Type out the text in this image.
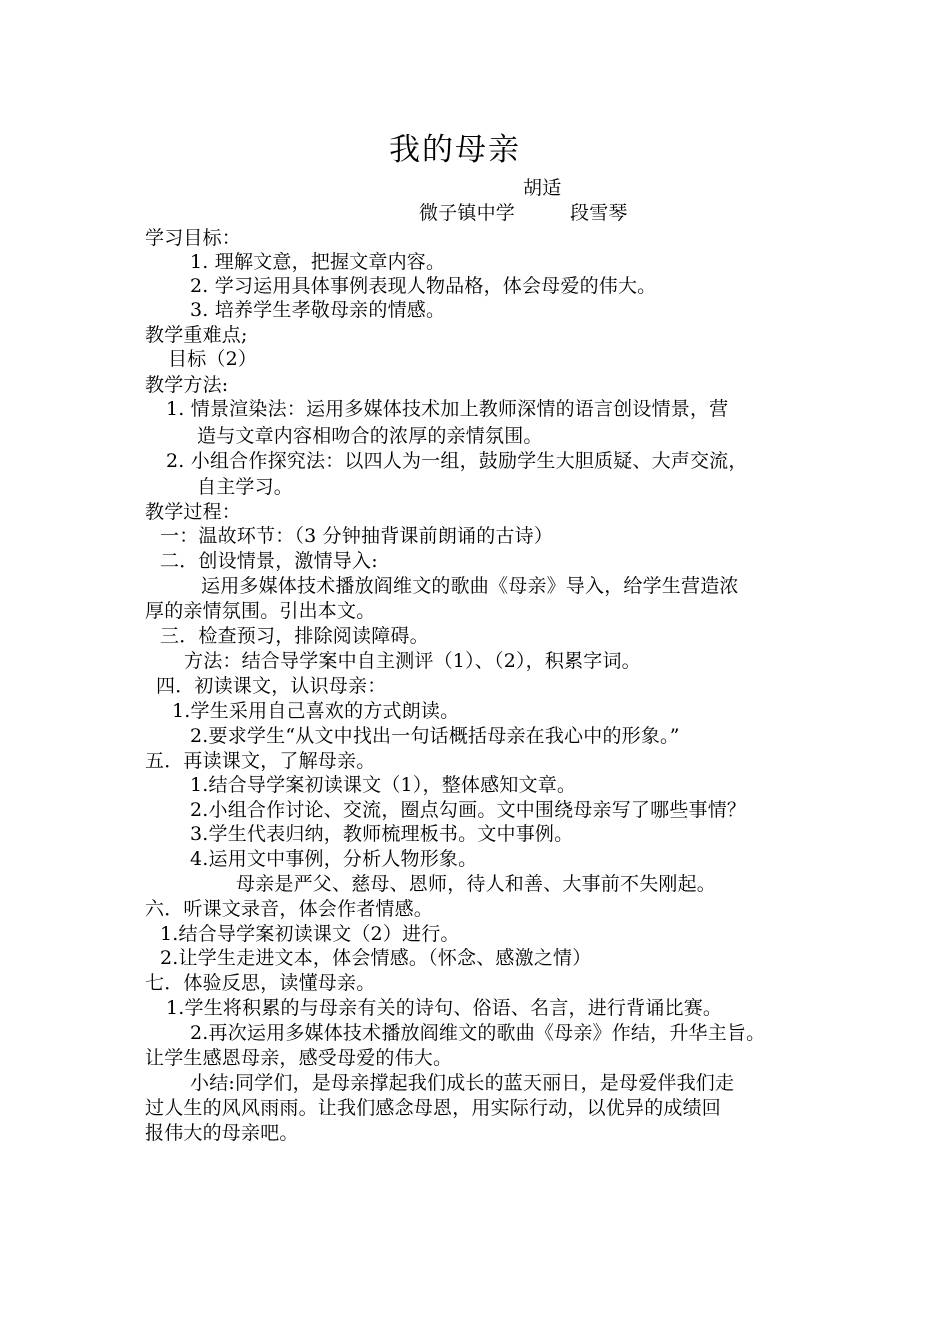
我的母亲
胡适
微子镇中学	段雪琴
学习目标：
1. 理解文意，把握文章内容。
2. 学习运用具体事例表现人物品格，体会母爱的伟大。
3. 培养学生孝敬母亲的情感。
教学重难点;
目标（2）
教学方法:
1. 情景渲染法：运用多媒体技术加上教师深情的语言创设情景，营
造与文章内容相吻合的浓厚的亲情氛围。
2. 小组合作探究法：以四人为一组，鼓励学生大胆质疑、大声交流，
自主学习。
教学过程：
一：温故环节：（3 分钟抽背课前朗诵的古诗）
二．创设情景，激情导入:
运用多媒体技术播放阎维文的歌曲《母亲》导入，给学生营造浓
厚的亲情氛围。引出本文。
三．检查预习，排除阅读障碍。
方法：结合导学案中自主测评（1）、（2），积累字词。
四．初读课文，认识母亲：
1.学生采用自己喜欢的方式朗读。
2.要求学生“从文中找出一句话概括母亲在我心中的形象。”
五．再读课文，了解母亲。
1.结合导学案初读课文（1），整体感知文章。
2.小组合作讨论、交流，圈点勾画。文中围绕母亲写了哪些事情？
3.学生代表归纳，教师梳理板书。文中事例。
4.运用文中事例，分析人物形象。
母亲是严父、慈母、恩师，待人和善、大事前不失刚起。
六．听课文录音，体会作者情感。
1.结合导学案初读课文（2）进行。
2.让学生走进文本，体会情感。（怀念、感激之情）
七．体验反思，读懂母亲。
1.学生将积累的与母亲有关的诗句、俗语、名言，进行背诵比赛。
2.再次运用多媒体技术播放阎维文的歌曲《母亲》作结，升华主旨。
让学生感恩母亲，感受母爱的伟大。
小结:同学们，是母亲撑起我们成长的蓝天丽日，是母爱伴我们走
过人生的风风雨雨。让我们感念母恩，用实际行动，以优异的成绩回
报伟大的母亲吧。
